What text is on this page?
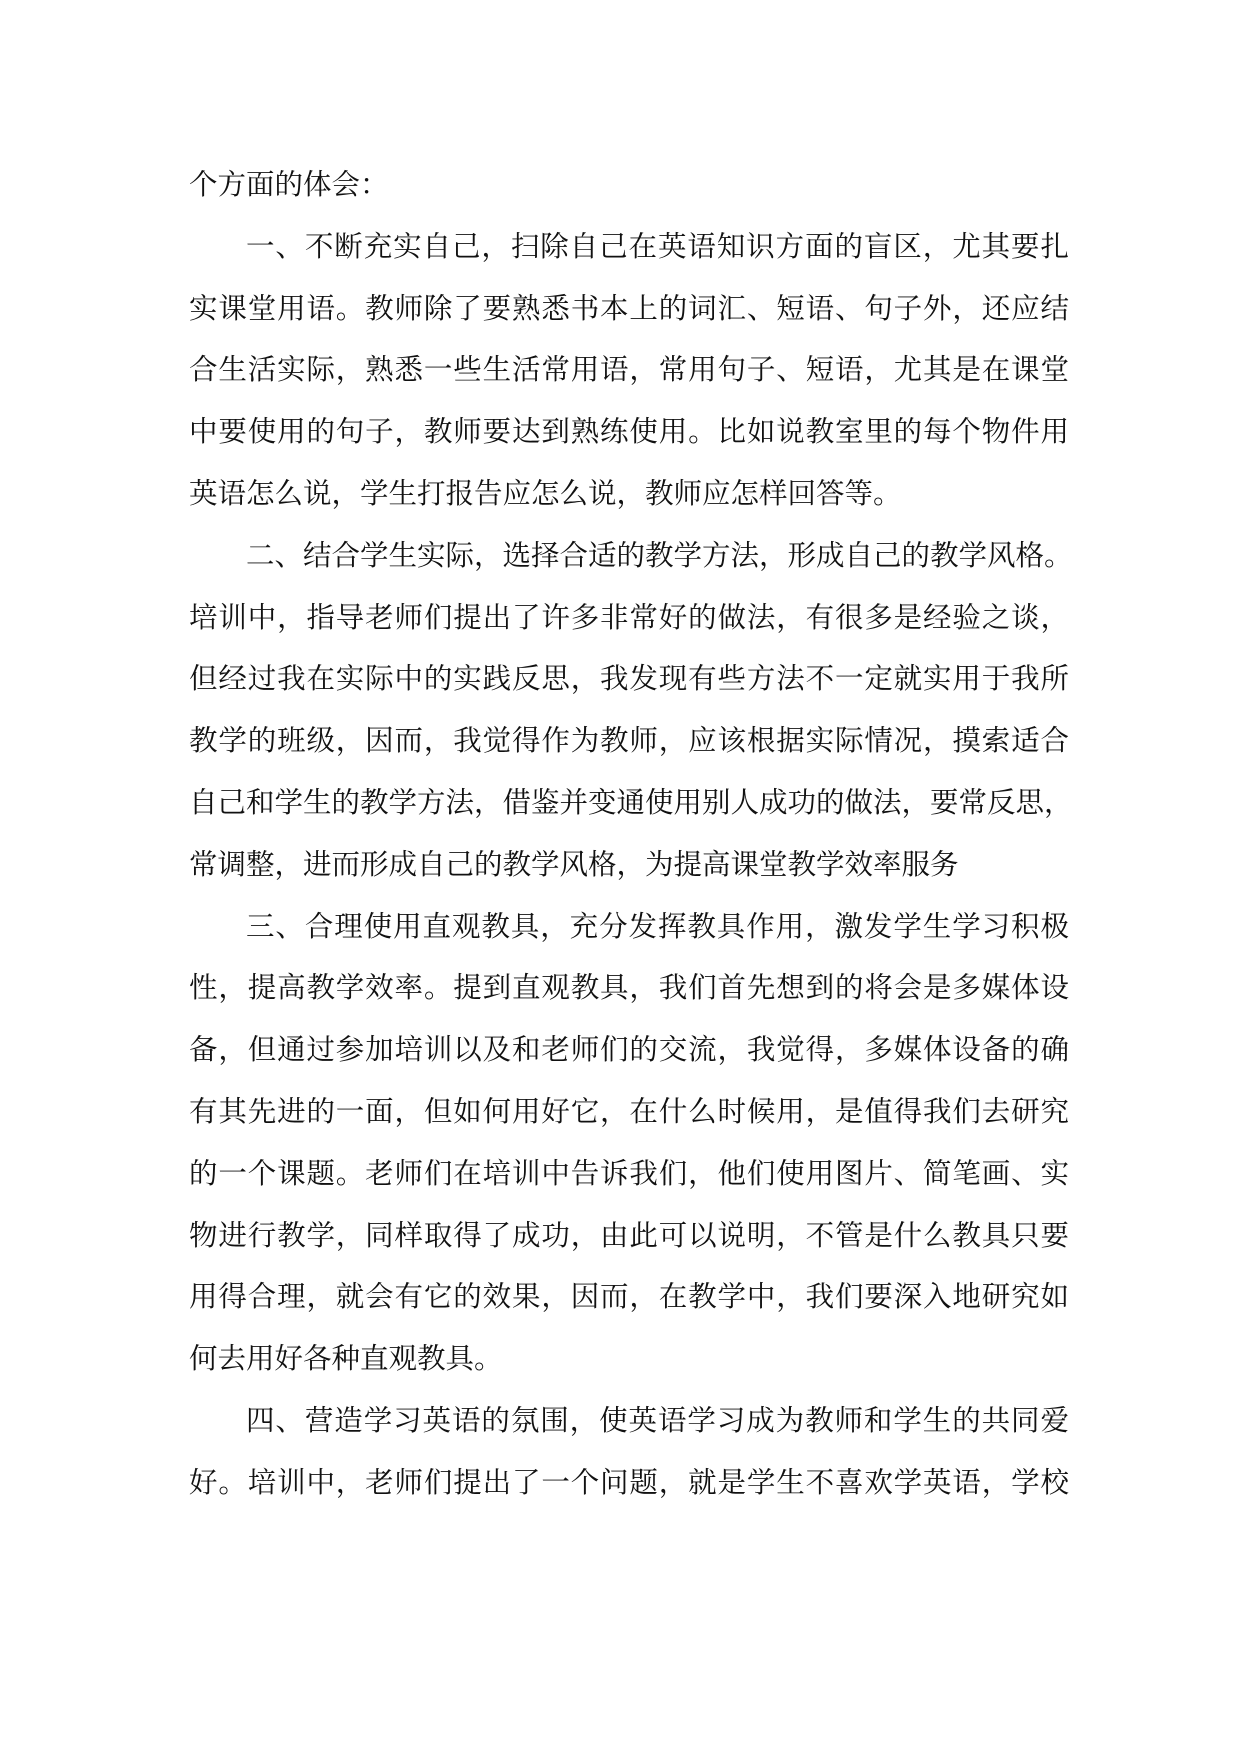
个方面的体会：
一、不断充实自己，扫除自己在英语知识方面的盲区，尤其要扎
实课堂用语。教师除了要熟悉书本上的词汇、短语、句子外，还应结
合生活实际，熟悉一些生活常用语，常用句子、短语，尤其是在课堂
中要使用的句子，教师要达到熟练使用。比如说教室里的每个物件用
英语怎么说，学生打报告应怎么说，教师应怎样回答等。
二、结合学生实际，选择合适的教学方法，形成自己的教学风格。
培训中，指导老师们提出了许多非常好的做法，有很多是经验之谈，
但经过我在实际中的实践反思，我发现有些方法不一定就实用于我所
教学的班级，因而，我觉得作为教师，应该根据实际情况，摸索适合
自己和学生的教学方法，借鉴并变通使用别人成功的做法，要常反思，
常调整，进而形成自己的教学风格，为提高课堂教学效率服务
三、合理使用直观教具，充分发挥教具作用，激发学生学习积极
性，提高教学效率。提到直观教具，我们首先想到的将会是多媒体设
备，但通过参加培训以及和老师们的交流，我觉得，多媒体设备的确
有其先进的一面，但如何用好它，在什么时候用，是值得我们去研究
的一个课题。老师们在培训中告诉我们，他们使用图片、简笔画、实
物进行教学，同样取得了成功，由此可以说明，不管是什么教具只要
用得合理，就会有它的效果，因而，在教学中，我们要深入地研究如
何去用好各种直观教具。
四、营造学习英语的氛围，使英语学习成为教师和学生的共同爱
好。培训中，老师们提出了一个问题，就是学生不喜欢学英语，学校
